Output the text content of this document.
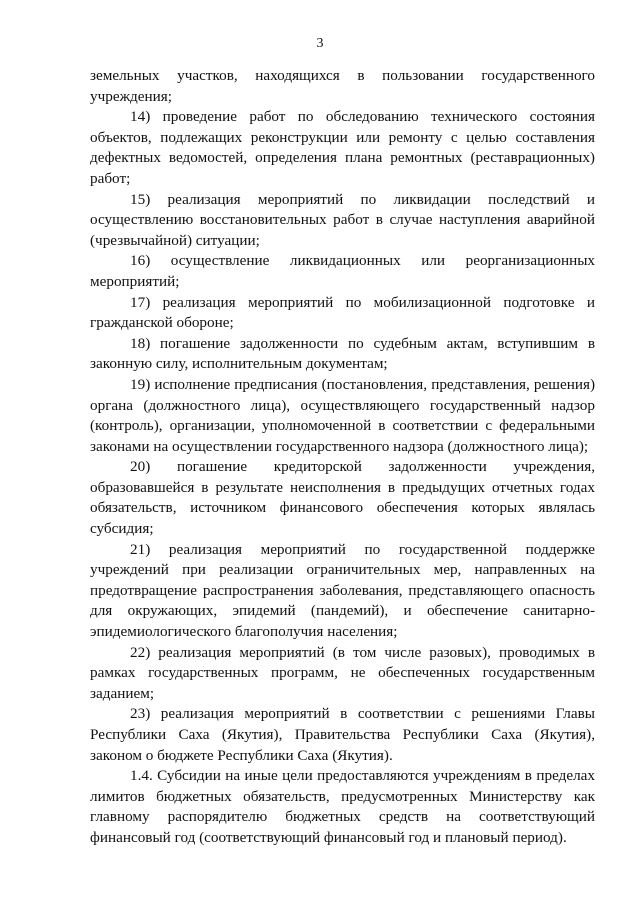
3

земельных участков, находящихся в пользовании государственного учреждения;

14) проведение работ по обследованию технического состояния объектов, подлежащих реконструкции или ремонту с целью составления дефектных ведомостей, определения плана ремонтных (реставрационных) работ;

15) реализация мероприятий по ликвидации последствий и осуществлению восстановительных работ в случае наступления аварийной (чрезвычайной) ситуации;

16) осуществление ликвидационных или реорганизационных мероприятий;

17) реализация мероприятий по мобилизационной подготовке и гражданской обороне;

18) погашение задолженности по судебным актам, вступившим в законную силу, исполнительным документам;

19) исполнение предписания (постановления, представления, решения) органа (должностного лица), осуществляющего государственный надзор (контроль), организации, уполномоченной в соответствии с федеральными законами на осуществлении государственного надзора (должностного лица);

20) погашение кредиторской задолженности учреждения, образовавшейся в результате неисполнения в предыдущих отчетных годах обязательств, источником финансового обеспечения которых являлась субсидия;

21) реализация мероприятий по государственной поддержке учреждений при реализации ограничительных мер, направленных на предотвращение распространения заболевания, представляющего опасность для окружающих, эпидемий (пандемий), и обеспечение санитарно-эпидемиологического благополучия населения;

22) реализация мероприятий (в том числе разовых), проводимых в рамках государственных программ, не обеспеченных государственным заданием;

23) реализация мероприятий в соответствии с решениями Главы Республики Саха (Якутия), Правительства Республики Саха (Якутия), законом о бюджете Республики Саха (Якутия).

1.4. Субсидии на иные цели предоставляются учреждениям в пределах лимитов бюджетных обязательств, предусмотренных Министерству как главному распорядителю бюджетных средств на соответствующий финансовый год (соответствующий финансовый год и плановый период).
